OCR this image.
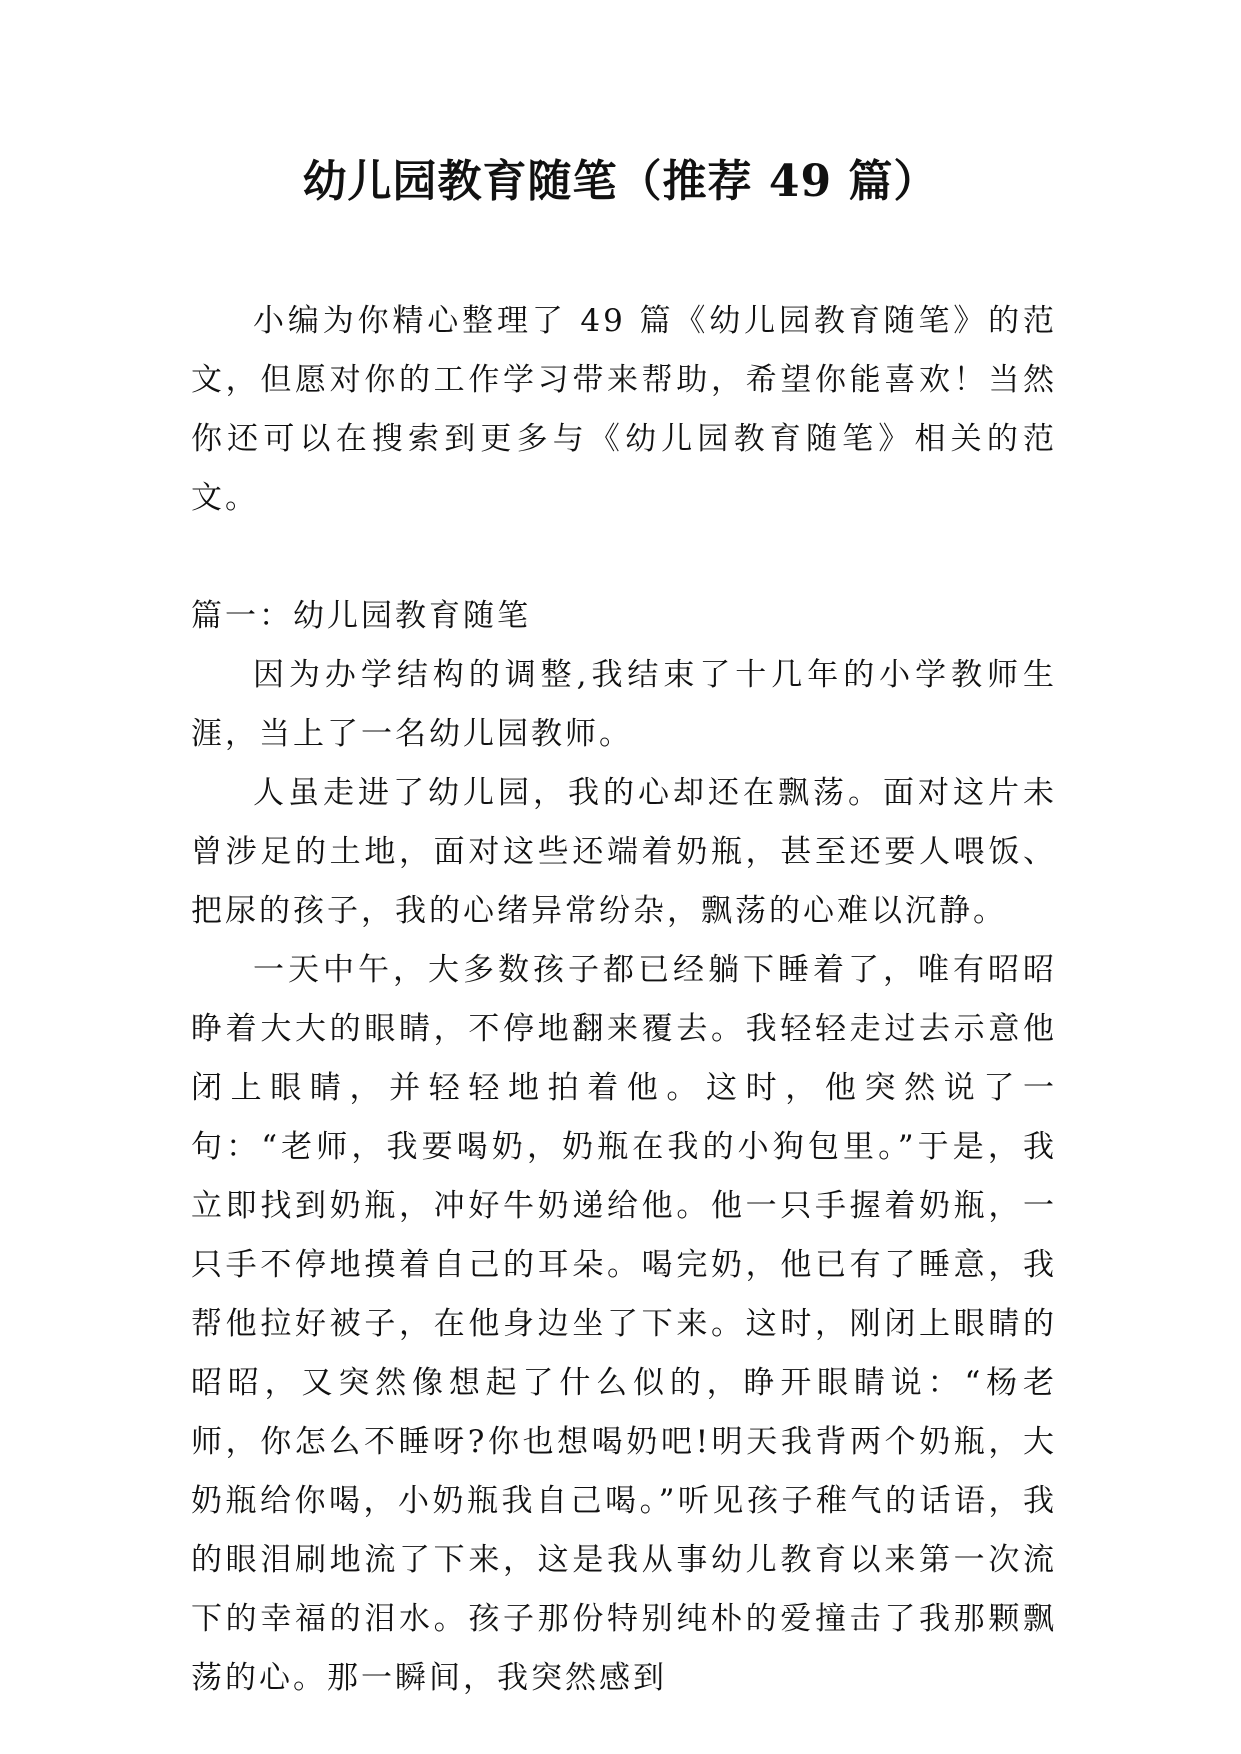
幼儿园教育随笔（推荐 49 篇）

小编为你精心整理了 49 篇《幼儿园教育随笔》的范文，但愿对你的工作学习带来帮助，希望你能喜欢！当然你还可以在搜索到更多与《幼儿园教育随笔》相关的范文。

篇一：幼儿园教育随笔

因为办学结构的调整,我结束了十几年的小学教师生涯，当上了一名幼儿园教师。

人虽走进了幼儿园，我的心却还在飘荡。面对这片未曾涉足的土地，面对这些还端着奶瓶，甚至还要人喂饭、把尿的孩子，我的心绪异常纷杂，飘荡的心难以沉静。

一天中午，大多数孩子都已经躺下睡着了，唯有昭昭睁着大大的眼睛，不停地翻来覆去。我轻轻走过去示意他闭上眼睛，并轻轻地拍着他。这时，他突然说了一句：“老师，我要喝奶，奶瓶在我的小狗包里。”于是，我立即找到奶瓶，冲好牛奶递给他。他一只手握着奶瓶，一只手不停地摸着自己的耳朵。喝完奶，他已有了睡意，我帮他拉好被子，在他身边坐了下来。这时，刚闭上眼睛的昭昭，又突然像想起了什么似的，睁开眼睛说：“杨老师，你怎么不睡呀?你也想喝奶吧!明天我背两个奶瓶，大奶瓶给你喝，小奶瓶我自己喝。”听见孩子稚气的话语，我的眼泪刷地流了下来，这是我从事幼儿教育以来第一次流下的幸福的泪水。孩子那份特别纯朴的爱撞击了我那颗飘荡的心。那一瞬间，我突然感到
